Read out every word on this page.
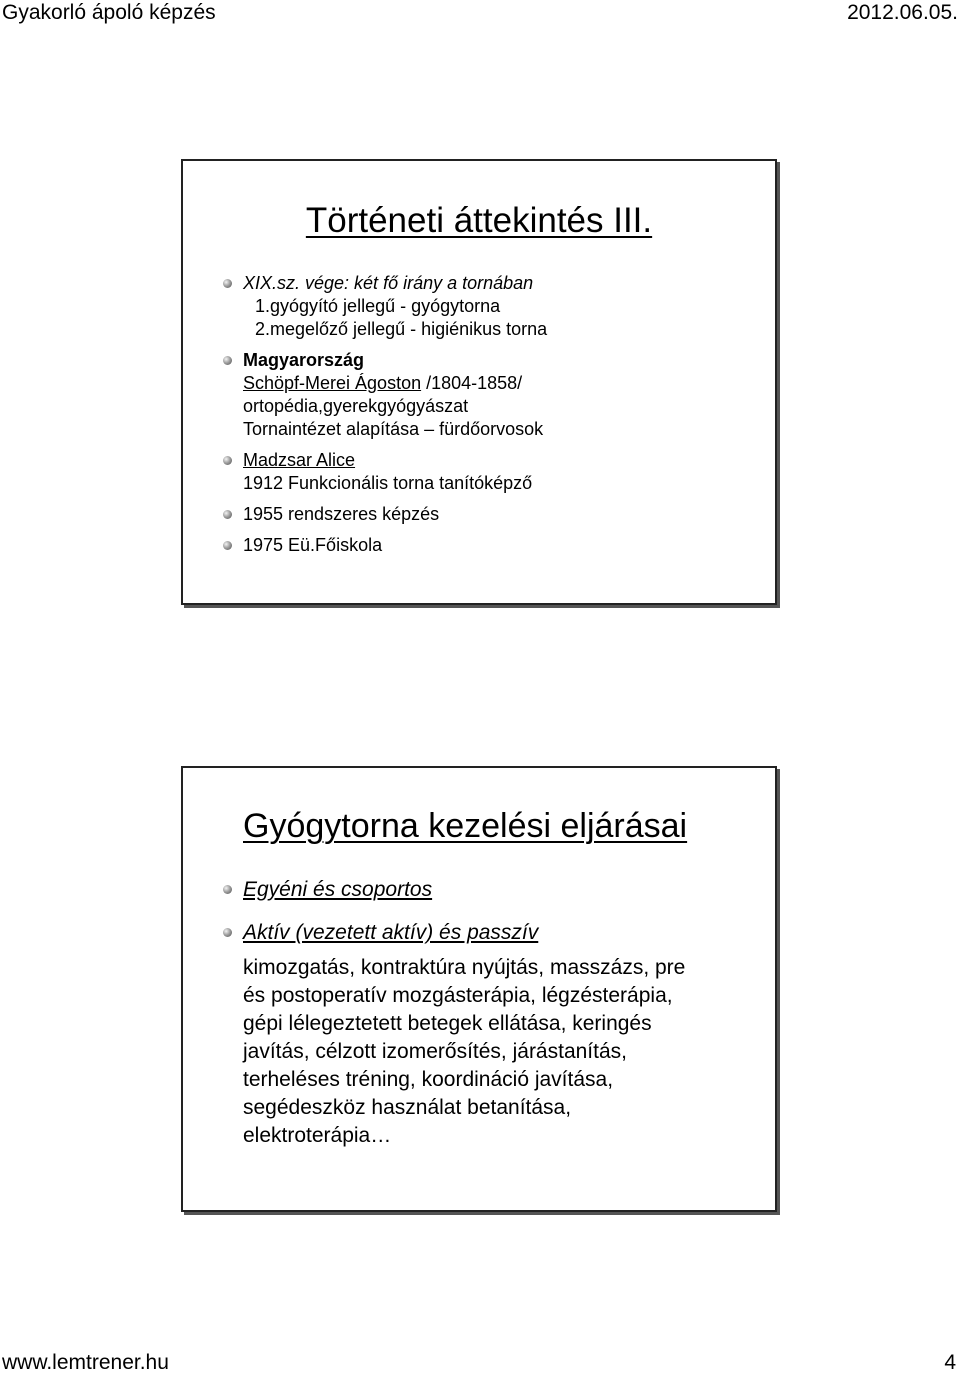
Gyakorló ápoló képzés	2012.06.05.
Történeti áttekintés III.
XIX.sz. vége: két fő irány a tornában
1.gyógyító jellegű - gyógytorna
2.megelőző jellegű - higiénikus torna
Magyarország
Schöpf-Merei Ágoston /1804-1858/
ortopédia,gyerekgyógyászat
Tornaintézet alapítása – fürdőorvosok
Madzsar Alice
1912 Funkcionális torna tanítóképző
1955 rendszeres képzés
1975 Eü.Főiskola
Gyógytorna kezelési eljárásai
Egyéni és csoportos
Aktív (vezetett aktív) és passzív
kimozgatás, kontraktúra nyújtás, masszázs, pre
és postoperatív mozgásterápia, légzésterápia,
gépi lélegeztetett betegek ellátása, keringés
javítás, célzott izomerősítés, járástanítás,
terheléses tréning, koordináció javítása,
segédeszköz használat betanítása,
elektroterápia…
www.lemtrener.hu	4
